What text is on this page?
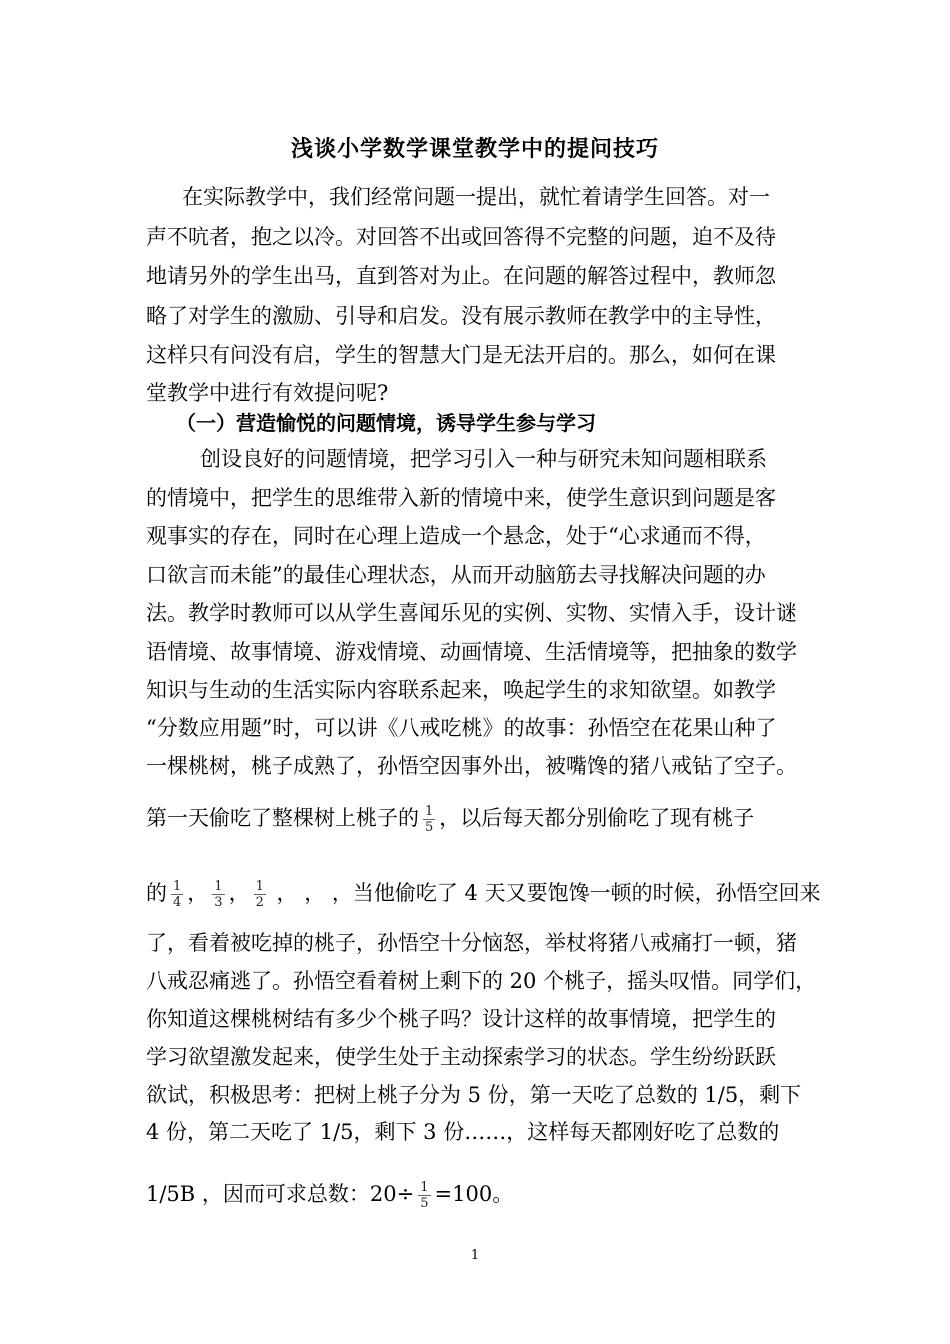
浅谈小学数学课堂教学中的提问技巧
在实际教学中，我们经常问题一提出，就忙着请学生回答。对一
声不吭者，抱之以冷。对回答不出或回答得不完整的问题，迫不及待
地请另外的学生出马，直到答对为止。在问题的解答过程中，教师忽
略了对学生的激励、引导和启发。没有展示教师在教学中的主导性，
这样只有问没有启，学生的智慧大门是无法开启的。那么，如何在课
堂教学中进行有效提问呢?
（一）营造愉悦的问题情境，诱导学生参与学习
创设良好的问题情境，把学习引入一种与研究未知问题相联系
的情境中，把学生的思维带入新的情境中来，使学生意识到问题是客
观事实的存在，同时在心理上造成一个悬念，处于“心求通而不得，
口欲言而未能”的最佳心理状态，从而开动脑筋去寻找解决问题的办
法。教学时教师可以从学生喜闻乐见的实例、实物、实情入手，设计谜
语情境、故事情境、游戏情境、动画情境、生活情境等，把抽象的数学
知识与生动的生活实际内容联系起来，唤起学生的求知欲望。如教学
“分数应用题”时，可以讲《八戒吃桃》的故事：孙悟空在花果山种了
一棵桃树，桃子成熟了，孙悟空因事外出，被嘴馋的猪八戒钻了空子。
第一天偷吃了整棵树上桃子的 $\frac{1}{5}$ ，以后每天都分别偷吃了现有桃子
的 $\frac{1}{4}$ ， $\frac{1}{3}$ ， $\frac{1}{2}$ ， ， ，当他偷吃了 4 天又要饱馋一顿的时候，孙悟空回来
了，看着被吃掉的桃子，孙悟空十分恼怒，举杖将猪八戒痛打一顿，猪
八戒忍痛逃了。孙悟空看着树上剩下的 20 个桃子，摇头叹惜。同学们，
你知道这棵桃树结有多少个桃子吗？设计这样的故事情境，把学生的
学习欲望激发起来，使学生处于主动探索学习的状态。学生纷纷跃跃
欲试，积极思考：把树上桃子分为 5 份，第一天吃了总数的 1/5，剩下
4 份，第二天吃了 1/5，剩下 3 份……，这样每天都刚好吃了总数的
1/5B ，因而可求总数：$20\div \frac{1}{5} =100$。
1
